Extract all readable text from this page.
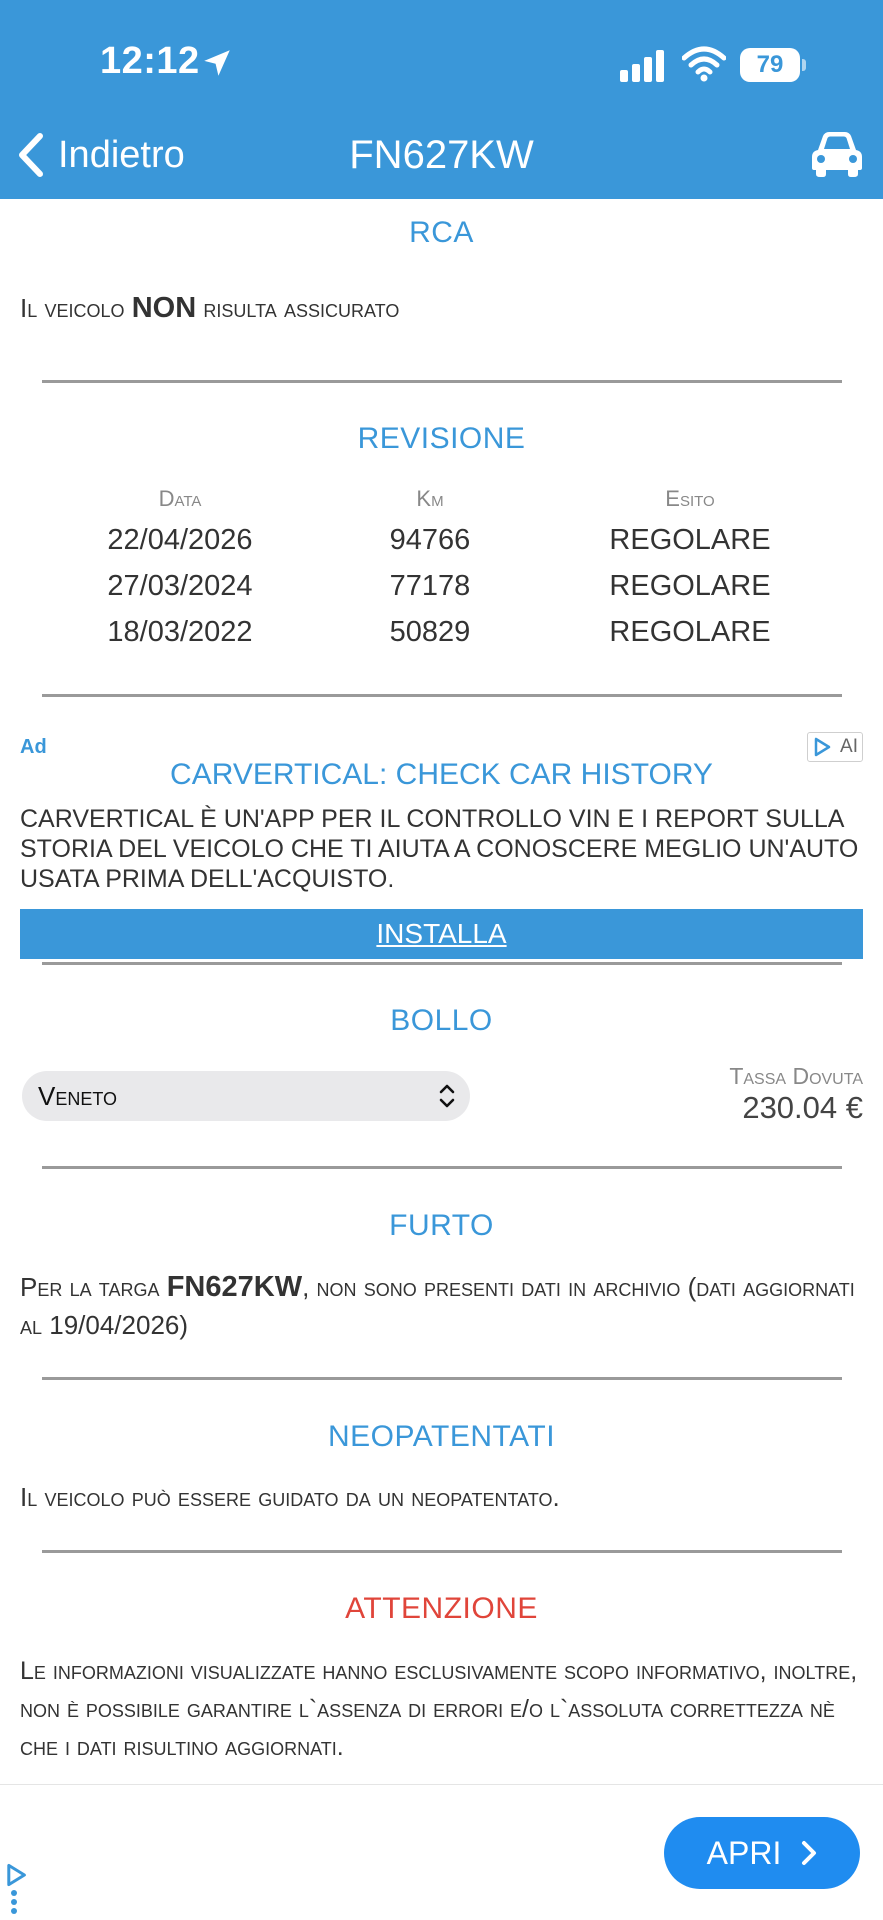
12:12	79
Indietro	FN627KW
RCA
Il veicolo NON risulta assicurato
REVISIONE
Data	Km	Esito
22/04/2026	94766	REGOLARE
27/03/2024	77178	REGOLARE
18/03/2022	50829	REGOLARE
Ad	AI
CARVERTICAL: CHECK CAR HISTORY
CARVERTICAL È UN'APP PER IL CONTROLLO VIN E I REPORT SULLA STORIA DEL VEICOLO CHE TI AIUTA A CONOSCERE MEGLIO UN'AUTO USATA PRIMA DELL'ACQUISTO.
INSTALLA
BOLLO
Veneto
Tassa Dovuta
230.04 €
FURTO
Per la targa FN627KW, non sono presenti dati in archivio (dati aggiornati al 19/04/2026)
NEOPATENTATI
Il veicolo può essere guidato da un neopatentato.
ATTENZIONE
Le informazioni visualizzate hanno esclusivamente scopo informativo, inoltre, non è possibile garantire l`assenza di errori e/o l`assoluta correttezza nè che i dati risultino aggiornati.
APRI
